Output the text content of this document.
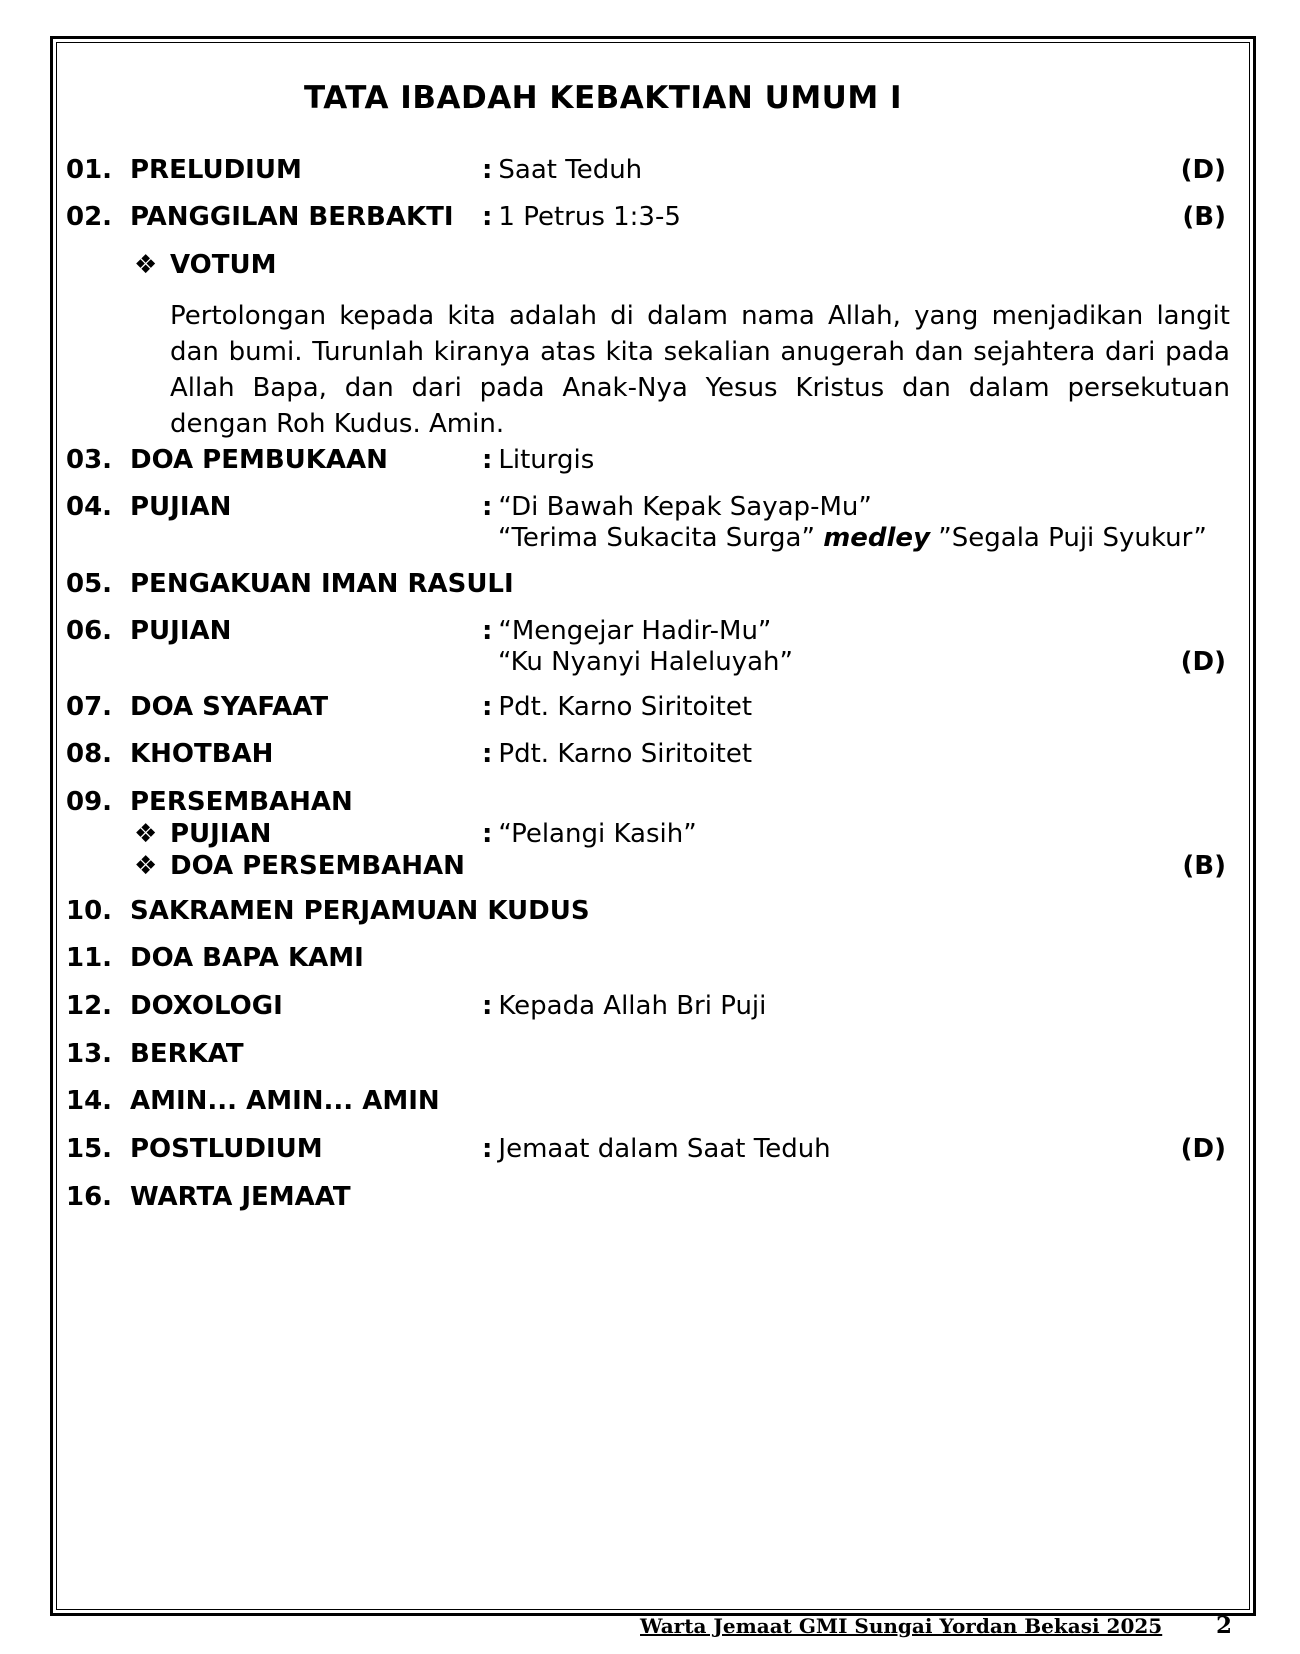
TATA IBADAH KEBAKTIAN UMUM I
01. PRELUDIUM	: Saat Teduh	(D)
02. PANGGILAN BERBAKTI : 1 Petrus 1:3-5	(B)
❖ VOTUM
Pertolongan kepada kita adalah di dalam nama Allah, yang menjadikan langit dan bumi. Turunlah kiranya atas kita sekalian anugerah dan sejahtera dari pada Allah Bapa, dan dari pada Anak-Nya Yesus Kristus dan dalam persekutuan dengan Roh Kudus. Amin.
03. DOA PEMBUKAAN	: Liturgis
04. PUJIAN	: “Di Bawah Kepak Sayap-Mu”
“Terima Sukacita Surga” medley ”Segala Puji Syukur”
05. PENGAKUAN IMAN RASULI
06. PUJIAN	: “Mengejar Hadir-Mu”
“Ku Nyanyi Haleluyah”	(D)
07. DOA SYAFAAT	: Pdt. Karno Siritoitet
08. KHOTBAH	: Pdt. Karno Siritoitet
09. PERSEMBAHAN
❖ PUJIAN	: “Pelangi Kasih”
❖ DOA PERSEMBAHAN	(B)
10. SAKRAMEN PERJAMUAN KUDUS
11. DOA BAPA KAMI
12. DOXOLOGI	: Kepada Allah Bri Puji
13. BERKAT
14. AMIN... AMIN... AMIN
15. POSTLUDIUM	: Jemaat dalam Saat Teduh	(D)
16. WARTA JEMAAT
Warta Jemaat GMI Sungai Yordan Bekasi 2025 2
